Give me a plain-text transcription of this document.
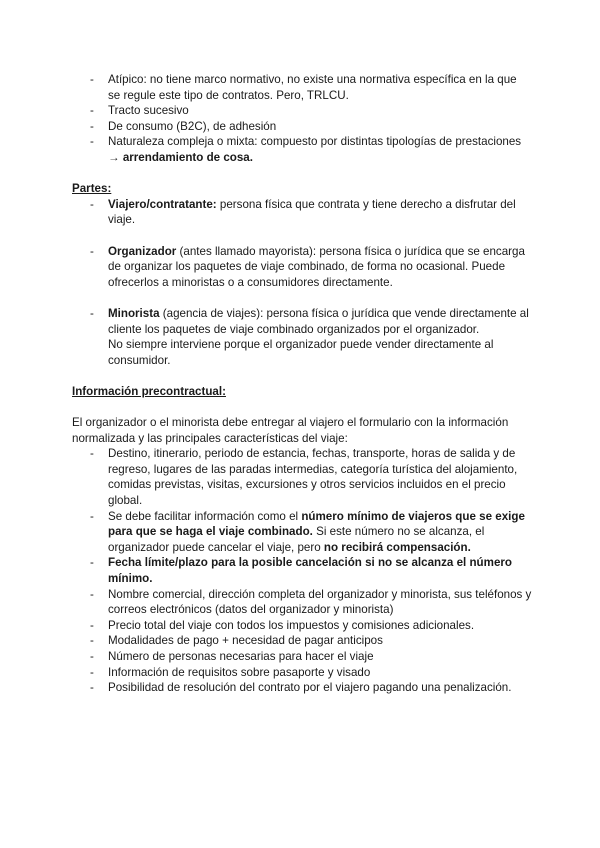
- Atípico: no tiene marco normativo, no existe una normativa específica en la que se regule este tipo de contratos. Pero, TRLCU.
- Tracto sucesivo
- De consumo (B2C), de adhesión
- Naturaleza compleja o mixta: compuesto por distintas tipologías de prestaciones → arrendamiento de cosa.

Partes:

- Viajero/contratante: persona física que contrata y tiene derecho a disfrutar del viaje.
- Organizador (antes llamado mayorista): persona física o jurídica que se encarga de organizar los paquetes de viaje combinado, de forma no ocasional. Puede ofrecerlos a minoristas o a consumidores directamente.
- Minorista (agencia de viajes): persona física o jurídica que vende directamente al cliente los paquetes de viaje combinado organizados por el organizador.
No siempre interviene porque el organizador puede vender directamente al consumidor.

Información precontractual:

El organizador o el minorista debe entregar al viajero el formulario con la información normalizada y las principales características del viaje:

- Destino, itinerario, periodo de estancia, fechas, transporte, horas de salida y de regreso, lugares de las paradas intermedias, categoría turística del alojamiento, comidas previstas, visitas, excursiones y otros servicios incluidos en el precio global.
- Se debe facilitar información como el número mínimo de viajeros que se exige para que se haga el viaje combinado. Si este número no se alcanza, el organizador puede cancelar el viaje, pero no recibirá compensación.
- Fecha límite/plazo para la posible cancelación si no se alcanza el número mínimo.
- Nombre comercial, dirección completa del organizador y minorista, sus teléfonos y correos electrónicos (datos del organizador y minorista)
- Precio total del viaje con todos los impuestos y comisiones adicionales.
- Modalidades de pago + necesidad de pagar anticipos
- Número de personas necesarias para hacer el viaje
- Información de requisitos sobre pasaporte y visado
- Posibilidad de resolución del contrato por el viajero pagando una penalización.
